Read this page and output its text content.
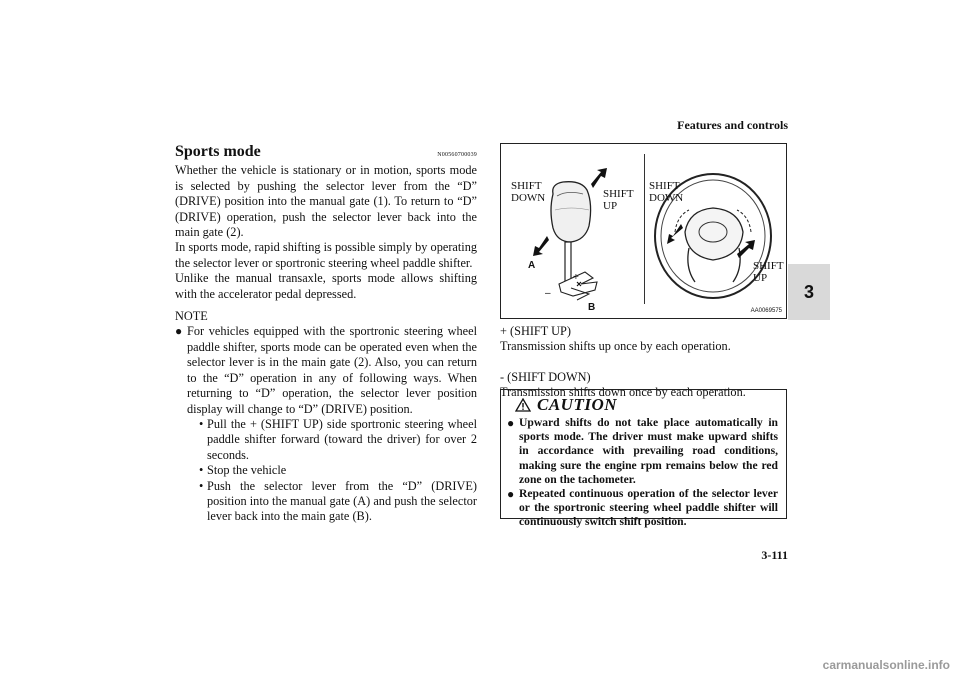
Features and controls
3
Sports mode	N00560700039

Whether the vehicle is stationary or in motion, sports mode is selected by pushing the selector lever from the “D” (DRIVE) position into the manual gate (1). To return to “D” (DRIVE) operation, push the selector lever back into the main gate (2).

In sports mode, rapid shifting is possible simply by operating the selector lever or sportronic steering wheel paddle shifter.

Unlike the manual transaxle, sports mode allows shifting with the accelerator pedal depressed.

NOTE
● For vehicles equipped with the sportronic steering wheel paddle shifter, sports mode can be operated even when the selector lever is in the main gate (2). Also, you can return to the “D” operation in any of following ways. When returning to “D” operation, the selector lever position display will change to “D” (DRIVE) position.
• Pull the + (SHIFT UP) side sportronic steering wheel paddle shifter forward (toward the driver) for over 2 seconds.
• Stop the vehicle
• Push the selector lever from the “D” (DRIVE) position into the manual gate (A) and push the selector lever back into the main gate (B).
SHIFT
DOWN	SHIFT
UP
A
B
+
–
SHIFT
DOWN
SHIFT
UP
AA0069575

+ (SHIFT UP)

Transmission shifts up once by each operation.

- (SHIFT DOWN)

Transmission shifts down once by each operation.

CAUTION
● Upward shifts do not take place automatically in sports mode. The driver must make upward shifts in accordance with prevailing road conditions, making sure the engine rpm remains below the red zone on the tachometer.
● Repeated continuous operation of the selector lever or the sportronic steering wheel paddle shifter will continuously switch shift position.
3-111
carmanualsonline.info
